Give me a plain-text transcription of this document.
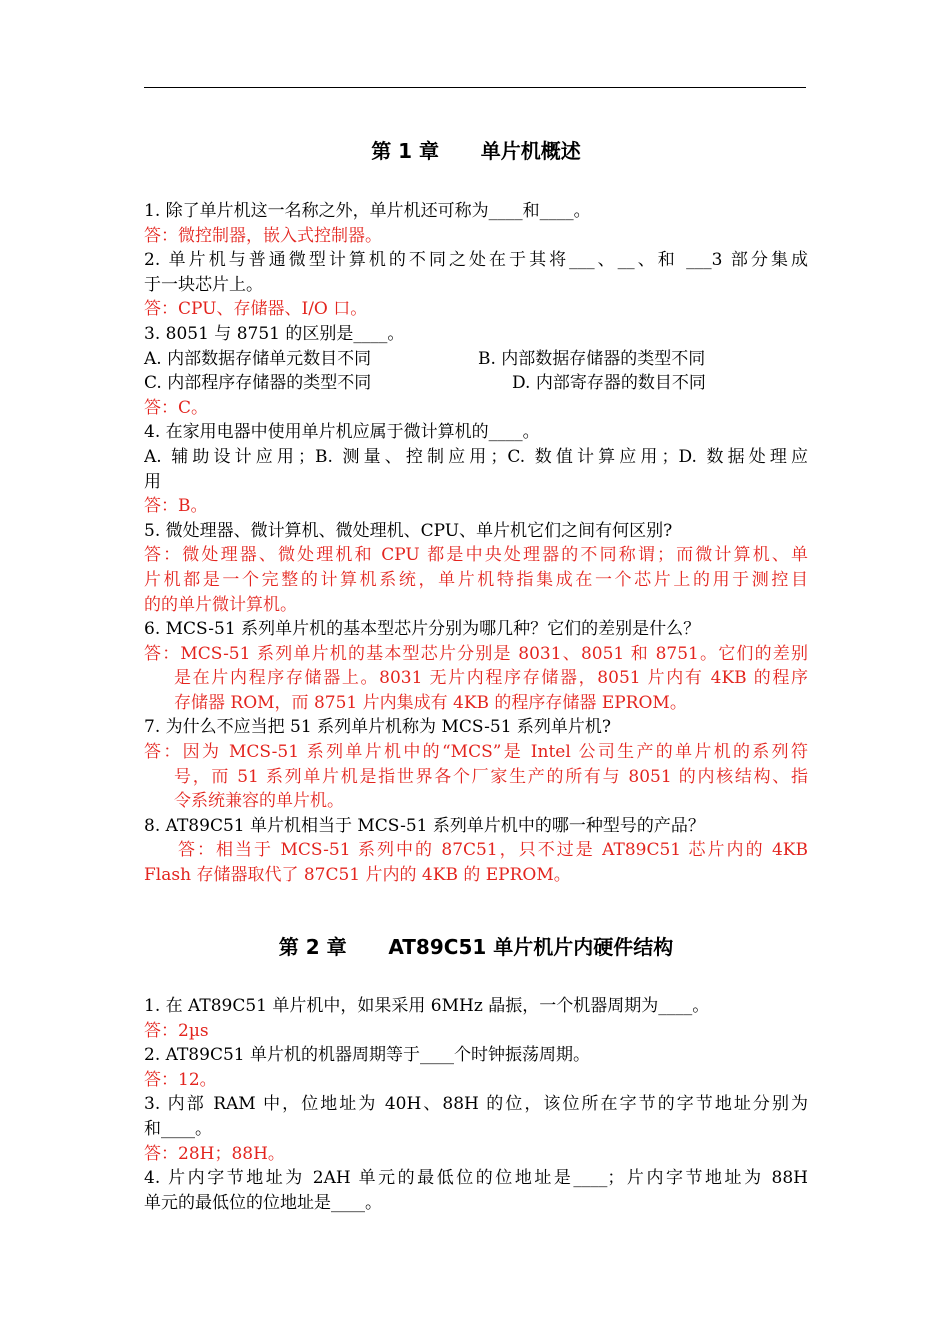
第 1 章      单片机概述
1. 除了单片机这一名称之外，单片机还可称为____和____。
答：微控制器，嵌入式控制器。
2. 单片机与普通微型计算机的不同之处在于其将___、__、和 ___3 部分集成
于一块芯片上。
答：CPU、存储器、I/O 口。
3. 8051 与 8751 的区别是____。
A. 内部数据存储单元数目不同	B. 内部数据存储器的类型不同
C. 内部程序存储器的类型不同	D. 内部寄存器的数目不同
答：C。
4. 在家用电器中使用单片机应属于微计算机的____。
A. 辅助设计应用；B. 测量、控制应用；C. 数值计算应用；D. 数据处理应
用
答：B。
5. 微处理器、微计算机、微处理机、CPU、单片机它们之间有何区别?
答：微处理器、微处理机和 CPU 都是中央处理器的不同称谓；而微计算机、单
片机都是一个完整的计算机系统，单片机特指集成在一个芯片上的用于测控目
的的单片微计算机。
6. MCS-51 系列单片机的基本型芯片分别为哪几种？它们的差别是什么？
答：MCS-51 系列单片机的基本型芯片分别是 8031、8051 和 8751。它们的差别
是在片内程序存储器上。8031 无片内程序存储器，8051 片内有 4KB 的程序
存储器 ROM，而 8751 片内集成有 4KB 的程序存储器 EPROM。
7. 为什么不应当把 51 系列单片机称为 MCS-51 系列单片机?
答：因为 MCS-51 系列单片机中的“MCS”是 Intel 公司生产的单片机的系列符
号，而 51 系列单片机是指世界各个厂家生产的所有与 8051 的内核结构、指
令系统兼容的单片机。
8. AT89C51 单片机相当于 MCS-51 系列单片机中的哪一种型号的产品？
答：相当于 MCS-51 系列中的 87C51，只不过是 AT89C51 芯片内的 4KB
Flash 存储器取代了 87C51 片内的 4KB 的 EPROM。
第 2 章      AT89C51 单片机片内硬件结构
1. 在 AT89C51 单片机中，如果采用 6MHz 晶振，一个机器周期为____。
答：2µs
2. AT89C51 单片机的机器周期等于____个时钟振荡周期。
答：12。
3. 内部 RAM 中，位地址为 40H、88H 的位，该位所在字节的字节地址分别为
和____。
答：28H；88H。
4. 片内字节地址为 2AH 单元的最低位的位地址是____；片内字节地址为 88H
单元的最低位的位地址是____。
